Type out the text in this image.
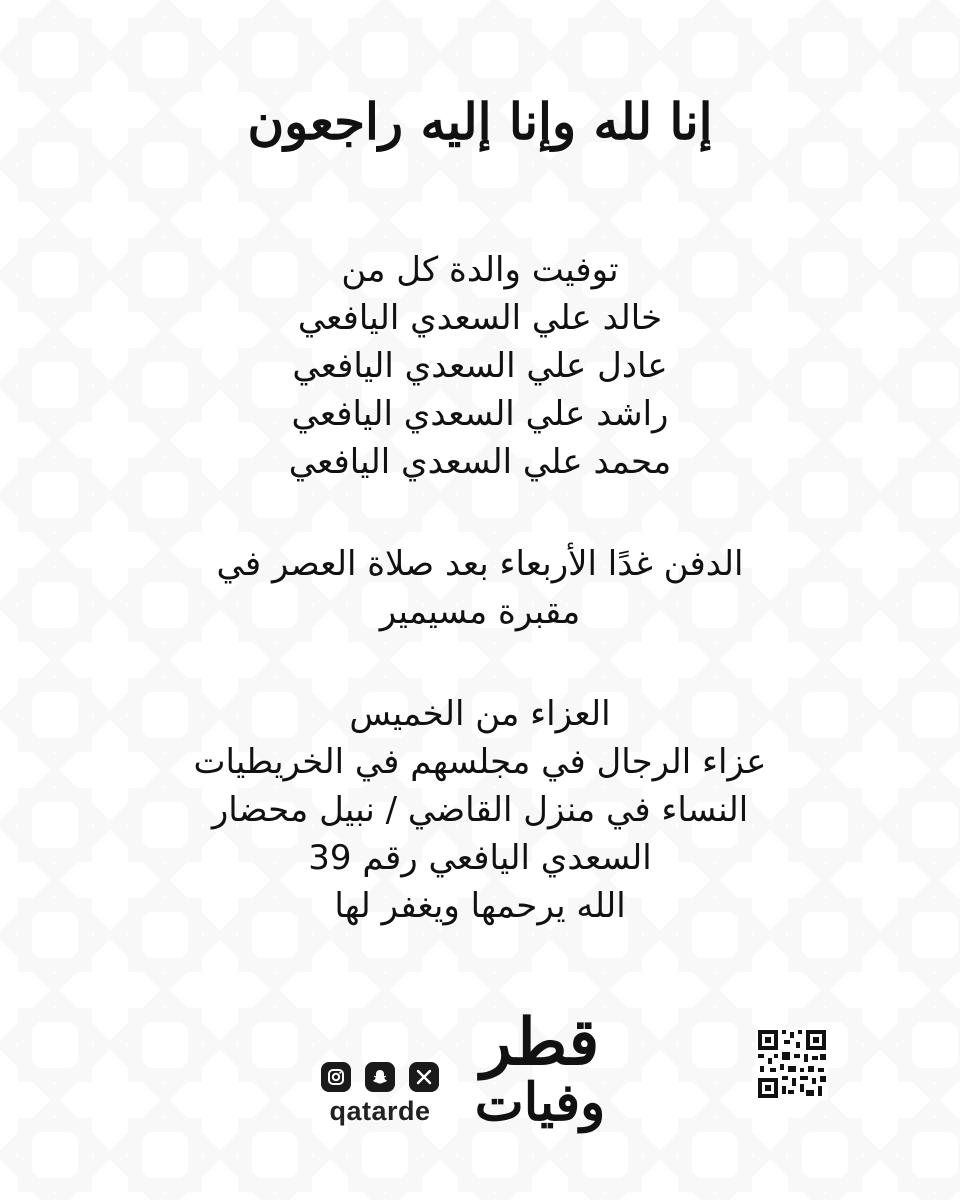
إنا لله وإنا إليه راجعون
توفيت والدة كل من
خالد علي السعدي اليافعي
عادل علي السعدي اليافعي
راشد علي السعدي اليافعي
محمد علي السعدي اليافعي
الدفن غدًا الأربعاء بعد صلاة العصر في
مقبرة مسيمير
العزاء من الخميس
عزاء الرجال في مجلسهم في الخريطيات
النساء في منزل القاضي / نبيل محضار
السعدي اليافعي رقم 39
الله يرحمها ويغفر لها
قطر
وفيات
qatarde
